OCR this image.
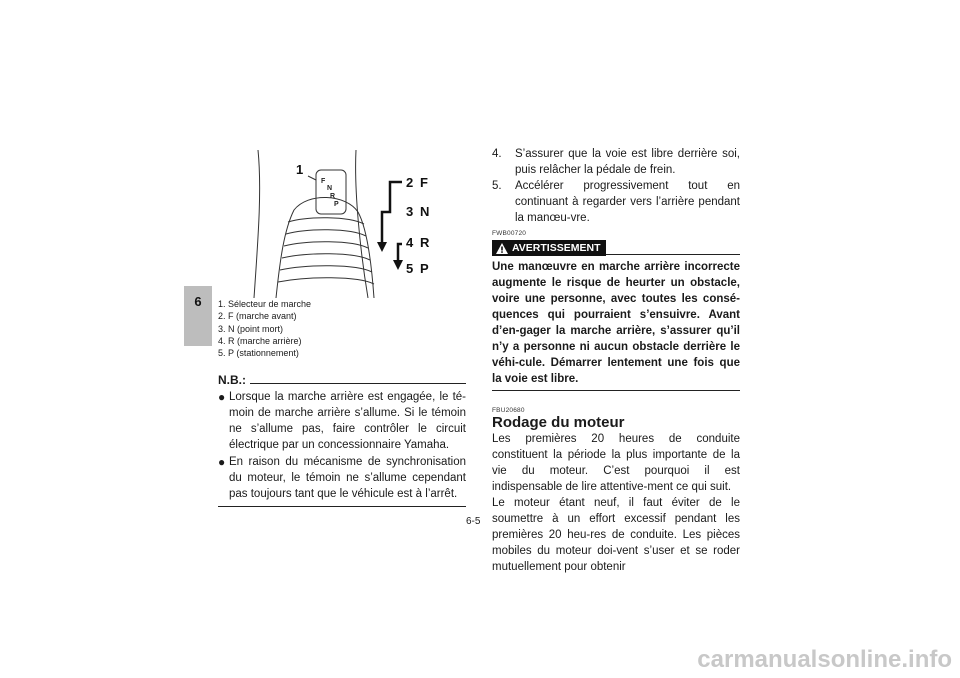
6
F
N
R
P
1
2 F
3 N
4 R
5 P
1. Sélecteur de marche
2. F (marche avant)
3. N (point mort)
4. R (marche arrière)
5. P (stationnement)
N.B.:
● Lorsque la marche arrière est engagée, le té-moin de marche arrière s’allume. Si le témoin ne s’allume pas, faire contrôler le circuit électrique par un concessionnaire Yamaha.
● En raison du mécanisme de synchronisation du moteur, le témoin ne s’allume cependant pas toujours tant que le véhicule est à l’arrêt.
4.	S’assurer que la voie est libre derrière soi, puis relâcher la pédale de frein.
5.	Accélérer progressivement tout en continuant à regarder vers l’arrière pendant la manœu-vre.
FWB00720
AVERTISSEMENT
Une manœuvre en marche arrière incorrecte augmente le risque de heurter un obstacle, voire une personne, avec toutes les consé-quences qui pourraient s’ensuivre. Avant d’en-gager la marche arrière, s’assurer qu’il n’y a personne ni aucun obstacle derrière le véhi-cule. Démarrer lentement une fois que la voie est libre.
FBU20680
Rodage du moteur
Les premières 20 heures de conduite constituent la période la plus importante de la vie du moteur. C’est pourquoi il est indispensable de lire attentive-ment ce qui suit.
Le moteur étant neuf, il faut éviter de le soumettre à un effort excessif pendant les premières 20 heu-res de conduite. Les pièces mobiles du moteur doi-vent s’user et se roder mutuellement pour obtenir
6-5
carmanualsonline.info
